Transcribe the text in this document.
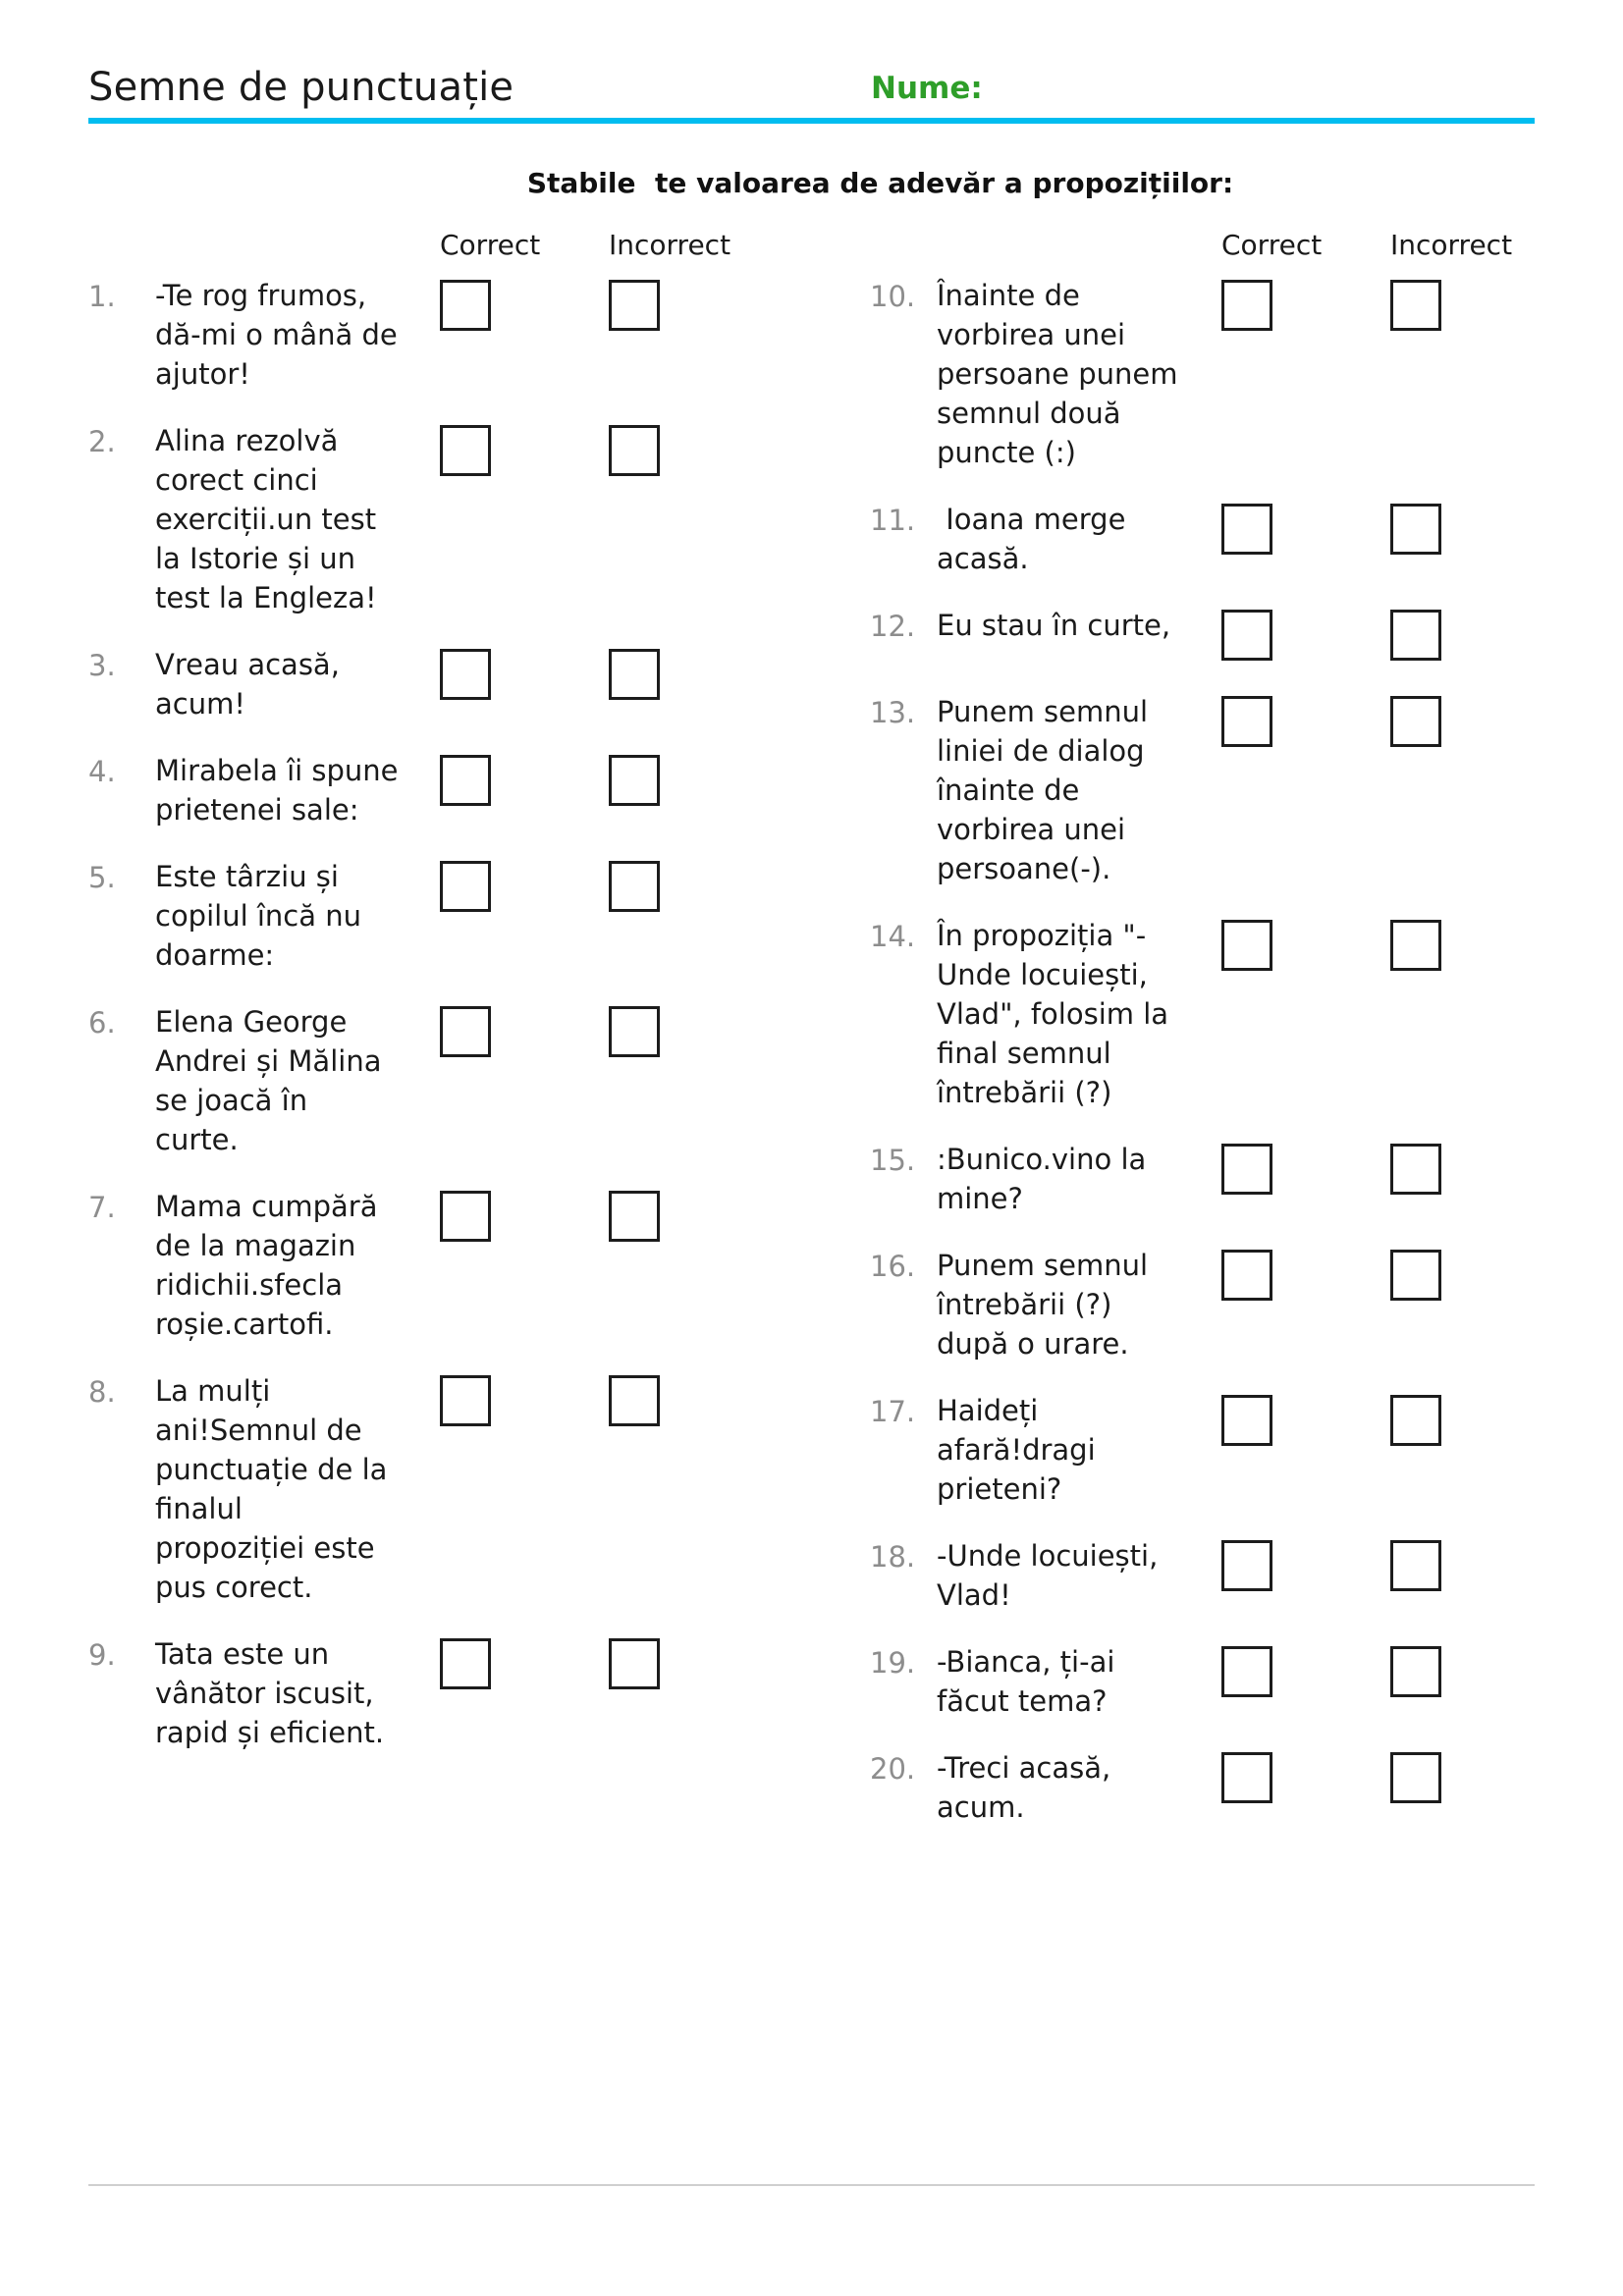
Semne de punctuație	Nume:
Stabile  te valoarea de adevăr a propozițiilor:
Correct Incorrect
1.	-Te rog frumos, dă-mi o mână de ajutor!
2.	Alina rezolvă corect cinci exerciții.un test la Istorie și un test la Engleza!
3.	Vreau acasă, acum!
4.	Mirabela îi spune prietenei sale:
5.	Este târziu și copilul încă nu doarme:
6.	Elena George Andrei și Mălina se joacă în curte.
7.	Mama cumpără de la magazin ridichii.sfecla roșie.cartofi.
8.	La mulți ani!Semnul de punctuație de la finalul propoziției este pus corect.
9.	Tata este un vânător iscusit, rapid și eficient.
Correct Incorrect
10. Înainte de vorbirea unei persoane punem semnul două puncte (:)
11. Ioana merge acasă.
12. Eu stau în curte,
13. Punem semnul liniei de dialog înainte de vorbirea unei persoane(-).
14. În propoziția "-Unde locuiești, Vlad", folosim la final semnul întrebării (?)
15. :Bunico.vino la mine?
16. Punem semnul întrebării (?) după o urare.
17. Haideți afară!dragi prieteni?
18. -Unde locuiești, Vlad!
19. -Bianca, ți-ai făcut tema?
20. -Treci acasă, acum.
